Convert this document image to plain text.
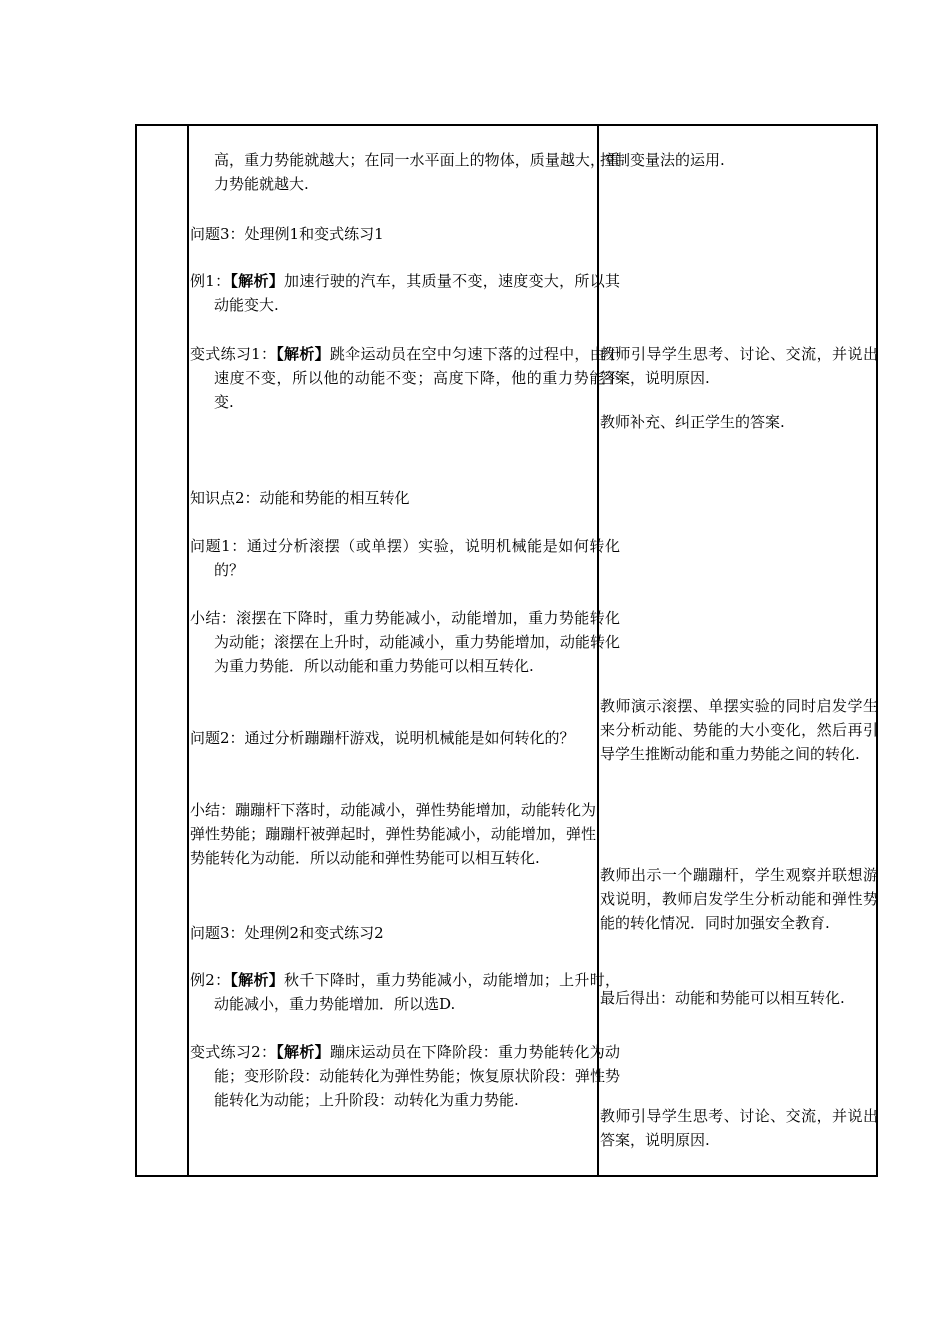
高，重力势能就越大；在同一水平面上的物体，质量越大，重力势能就越大.

问题3：处理例1和变式练习1

例1：【解析】加速行驶的汽车，其质量不变，速度变大，所以其动能变大.

变式练习1：【解析】跳伞运动员在空中匀速下落的过程中，由于速度不变，所以他的动能不变；高度下降，他的重力势能不变.

知识点2：动能和势能的相互转化

问题1：通过分析滚摆（或单摆）实验，说明机械能是如何转化的？

小结：滚摆在下降时，重力势能减小，动能增加，重力势能转化为动能；滚摆在上升时，动能减小，重力势能增加，动能转化为重力势能．所以动能和重力势能可以相互转化.

问题2：通过分析蹦蹦杆游戏，说明机械能是如何转化的？

小结：蹦蹦杆下落时，动能减小，弹性势能增加，动能转化为弹性势能；蹦蹦杆被弹起时，弹性势能减小，动能增加，弹性势能转化为动能．所以动能和弹性势能可以相互转化.

问题3：处理例2和变式练习2

例2：【解析】秋千下降时，重力势能减小，动能增加；上升时，动能减小，重力势能增加．所以选D.

变式练习2：【解析】蹦床运动员在下降阶段：重力势能转化为动能；变形阶段：动能转化为弹性势能；恢复原状阶段：弹性势能转化为动能；上升阶段：动转化为重力势能.

控制变量法的运用.

教师引导学生思考、讨论、交流，并说出答案，说明原因.

教师补充、纠正学生的答案.

教师演示滚摆、单摆实验的同时启发学生来分析动能、势能的大小变化，然后再引导学生推断动能和重力势能之间的转化.

教师出示一个蹦蹦杆，学生观察并联想游戏说明，教师启发学生分析动能和弹性势能的转化情况．同时加强安全教育.

最后得出：动能和势能可以相互转化.

教师引导学生思考、讨论、交流，并说出答案，说明原因.
